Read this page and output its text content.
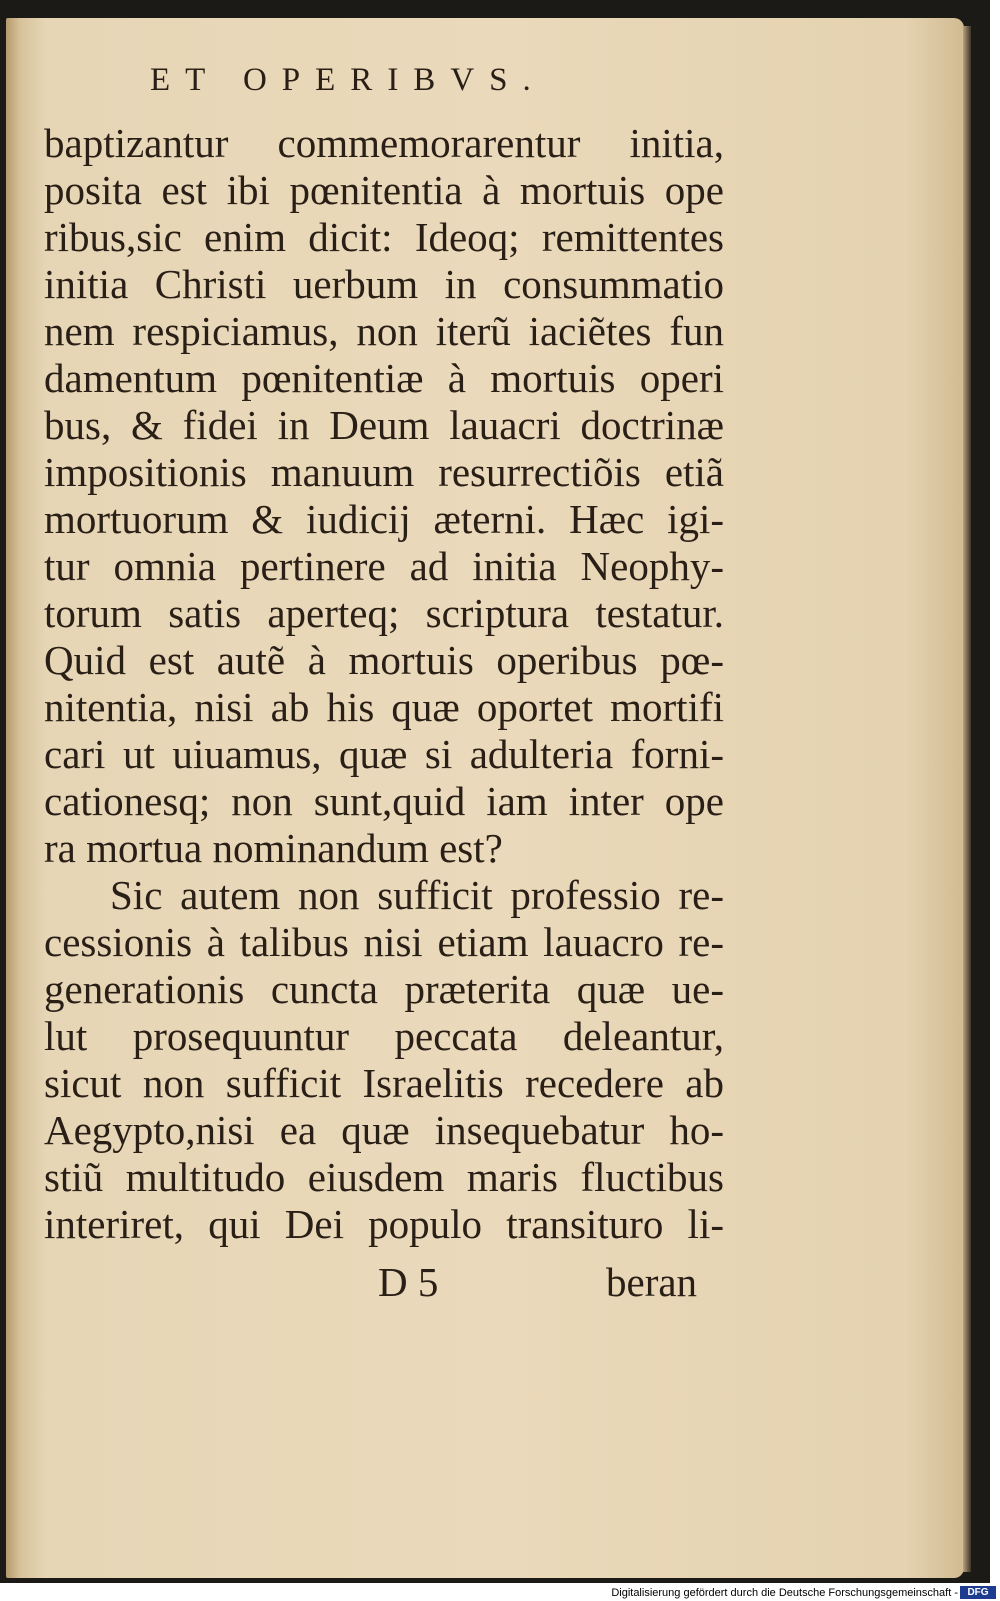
ET OPERIBVS.
baptizantur commemorarentur initia,
posita est ibi pœnitentia à mortuis ope
ribus,sic enim dicit: Ideoq; remittentes
initia Christi uerbum in consummatio
nem respiciamus, non iterũ iaciẽtes fun
damentum pœnitentiæ à mortuis operi
bus, & fidei in Deum lauacri doctrinæ
impositionis manuum resurrectiõis etiã
mortuorum & iudicij æterni. Hæc igi-
tur omnia pertinere ad initia Neophy-
torum satis aperteq; scriptura testatur.
Quid est autẽ à mortuis operibus pœ-
nitentia, nisi ab his quæ oportet mortifi
cari ut uiuamus, quæ si adulteria forni-
cationesq; non sunt,quid iam inter ope
ra mortua nominandum est?
Sic autem non sufficit professio re-
cessionis à talibus nisi etiam lauacro re-
generationis cuncta præterita quæ ue-
lut prosequuntur peccata deleantur,
sicut non sufficit Israelitis recedere ab
Aegypto,nisi ea quæ insequebatur ho-
stiũ multitudo eiusdem maris fluctibus
interiret, qui Dei populo transituro li-
D 5	beran
Digitalisierung gefördert durch die Deutsche Forschungsgemeinschaft - DFG
